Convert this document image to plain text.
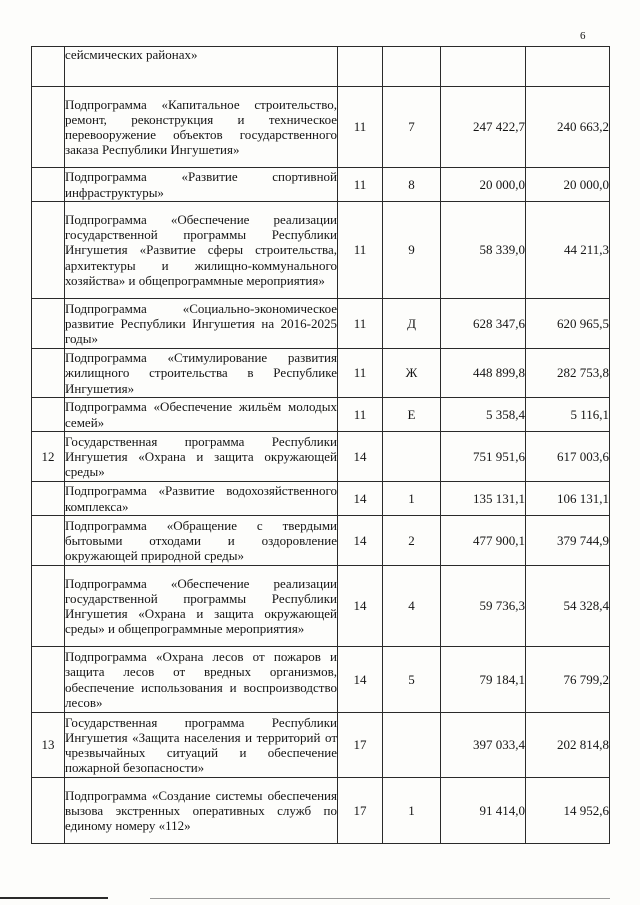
6
	сейсмических районах»				
	Подпрограмма «Капитальное строительство, ремонт, реконструкция и техническое перевооружение объектов государственного заказа Республики Ингушетия»	11	7	247 422,7	240 663,2
	Подпрограмма «Развитие спортивной инфраструктуры»	11	8	20 000,0	20 000,0
	Подпрограмма «Обеспечение реализации государственной программы Республики Ингушетия «Развитие сферы строительства, архитектуры и жилищно-коммунального хозяйства» и общепрограммные мероприятия»	11	9	58 339,0	44 211,3
	Подпрограмма «Социально-экономическое развитие Республики Ингушетия на 2016-2025 годы»	11	Д	628 347,6	620 965,5
	Подпрограмма «Стимулирование развития жилищного строительства в Республике Ингушетия»	11	Ж	448 899,8	282 753,8
	Подпрограмма «Обеспечение жильём молодых семей»	11	Е	5 358,4	5 116,1
12	Государственная программа Республики Ингушетия «Охрана и защита окружающей среды»	14		751 951,6	617 003,6
	Подпрограмма «Развитие водохозяйственного комплекса»	14	1	135 131,1	106 131,1
	Подпрограмма «Обращение с твердыми бытовыми отходами и оздоровление окружающей природной среды»	14	2	477 900,1	379 744,9
	Подпрограмма «Обеспечение реализации государственной программы Республики Ингушетия «Охрана и защита окружающей среды» и общепрограммные мероприятия»	14	4	59 736,3	54 328,4
	Подпрограмма «Охрана лесов от пожаров и защита лесов от вредных организмов, обеспечение использования и воспроизводство лесов»	14	5	79 184,1	76 799,2
13	Государственная программа Республики Ингушетия «Защита населения и территорий от чрезвычайных ситуаций и обеспечение пожарной безопасности»	17		397 033,4	202 814,8
	Подпрограмма «Создание системы обеспечения вызова экстренных оперативных служб по единому номеру «112»	17	1	91 414,0	14 952,6
